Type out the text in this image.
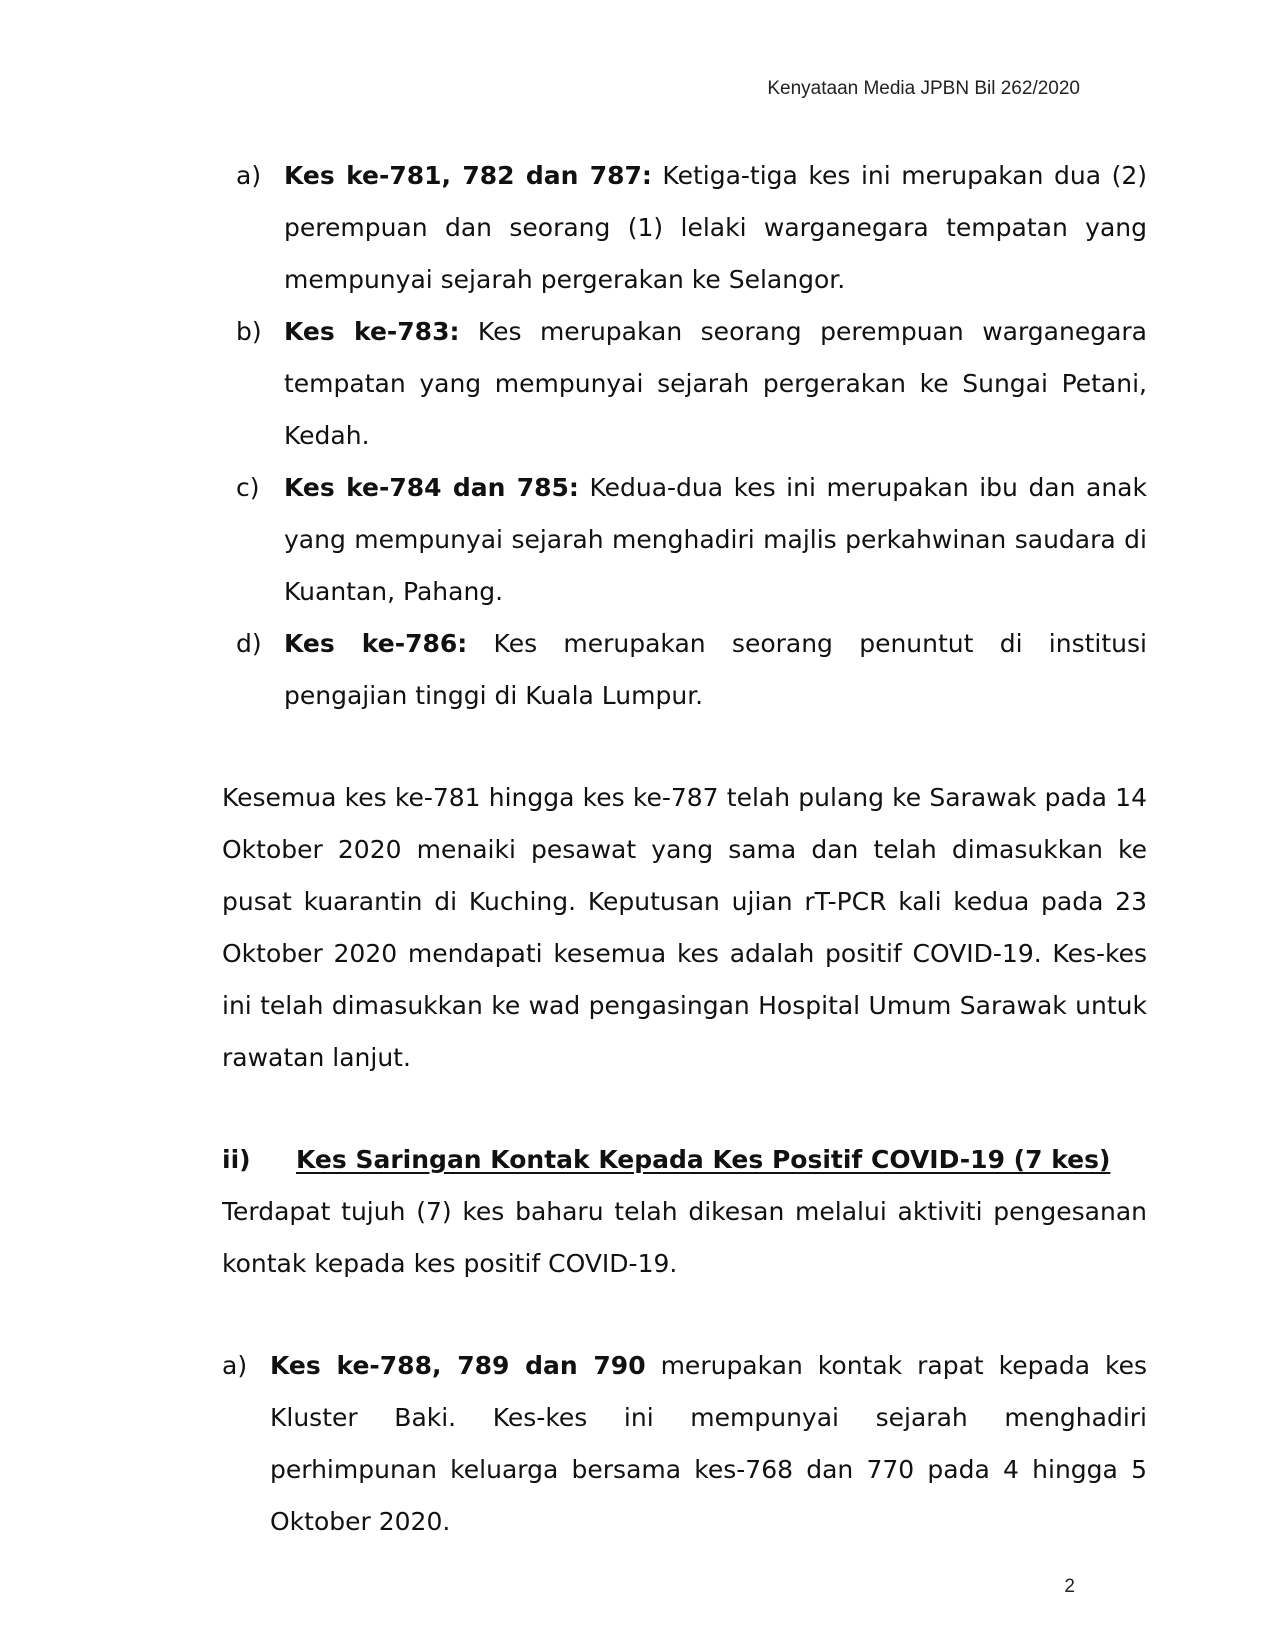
Kenyataan Media JPBN Bil 262/2020
a) Kes ke-781, 782 dan 787: Ketiga-tiga kes ini merupakan dua (2) perempuan dan seorang (1) lelaki warganegara tempatan yang mempunyai sejarah pergerakan ke Selangor.
b) Kes ke-783: Kes merupakan seorang perempuan warganegara tempatan yang mempunyai sejarah pergerakan ke Sungai Petani, Kedah.
c) Kes ke-784 dan 785: Kedua-dua kes ini merupakan ibu dan anak yang mempunyai sejarah menghadiri majlis perkahwinan saudara di Kuantan, Pahang.
d) Kes ke-786: Kes merupakan seorang penuntut di institusi pengajian tinggi di Kuala Lumpur.

Kesemua kes ke-781 hingga kes ke-787 telah pulang ke Sarawak pada 14 Oktober 2020 menaiki pesawat yang sama dan telah dimasukkan ke pusat kuarantin di Kuching. Keputusan ujian rT-PCR kali kedua pada 23 Oktober 2020 mendapati kesemua kes adalah positif COVID-19. Kes-kes ini telah dimasukkan ke wad pengasingan Hospital Umum Sarawak untuk rawatan lanjut.

ii) Kes Saringan Kontak Kepada Kes Positif COVID-19 (7 kes)

Terdapat tujuh (7) kes baharu telah dikesan melalui aktiviti pengesanan kontak kepada kes positif COVID-19.

a) Kes ke-788, 789 dan 790 merupakan kontak rapat kepada kes Kluster Baki. Kes-kes ini mempunyai sejarah menghadiri perhimpunan keluarga bersama kes-768 dan 770 pada 4 hingga 5 Oktober 2020.
2
